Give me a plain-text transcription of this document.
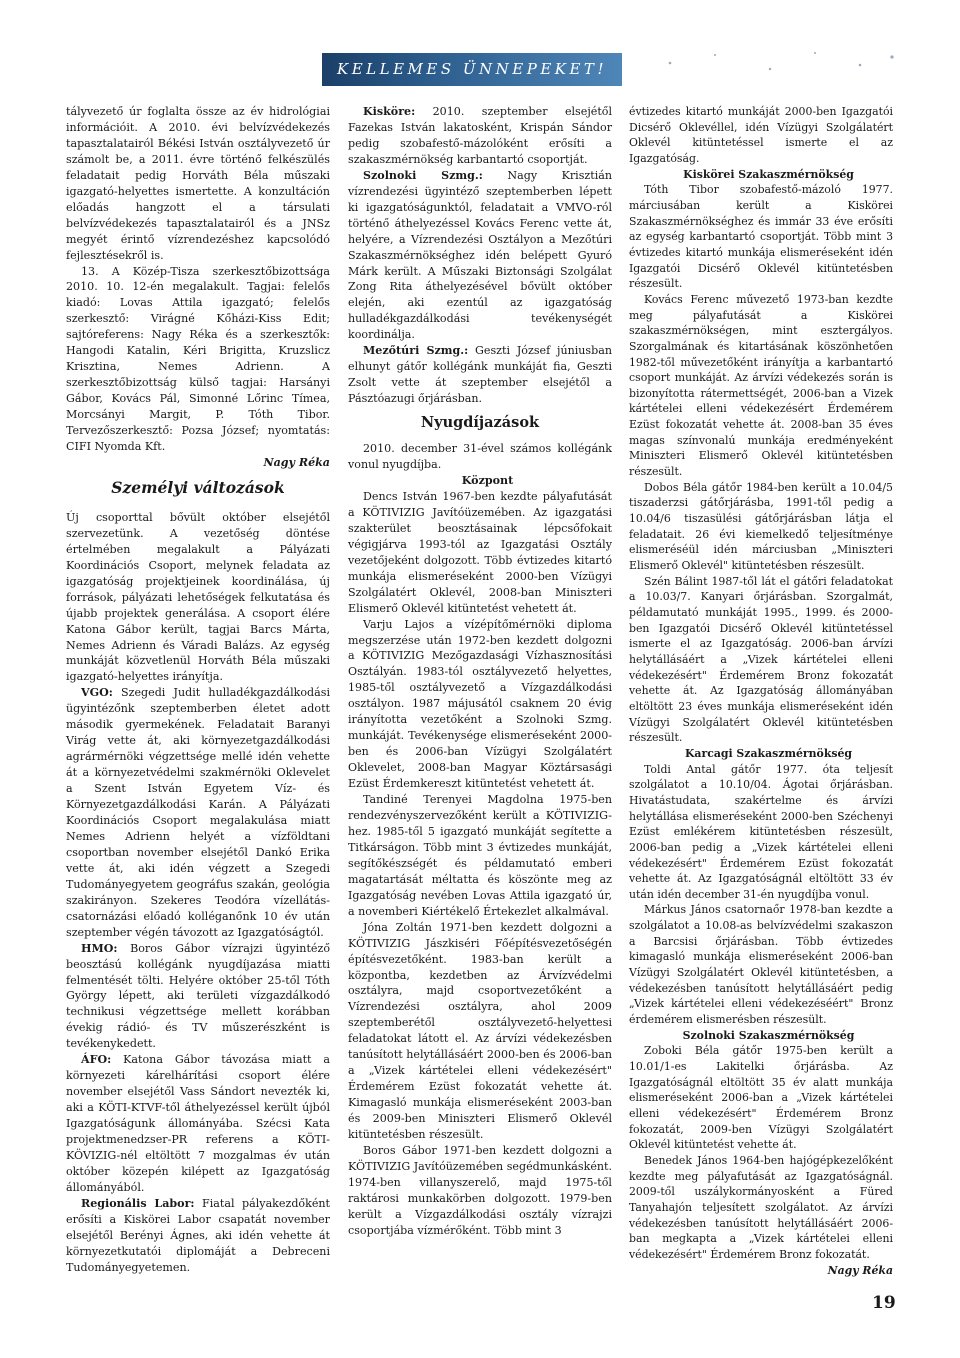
KELLEMES ÜNNEPEKET!

tályvezető úr foglalta össze az év hidrológiai információit. A 2010. évi belvízvédekezés tapasztalatairól Békési István osztályvezető úr számolt be, a 2011. évre történő felkészülés feladatait pedig Horváth Béla műszaki igazgató-helyettes ismertette. A konzultáción előadás hangzott el a társulati belvízvédekezés tapasztalatairól és a JNSz megyét érintő vízrendezéshez kapcsolódó fejlesztésekről is.

13. A Közép-Tisza szerkesztőbizottsága 2010. 10. 12-én megalakult. Tagjai: felelős kiadó: Lovas Attila igazgató; felelős szerkesztő: Virágné Kőházi-Kiss Edit; sajtóreferens: Nagy Réka és a szerkesztők: Hangodi Katalin, Kéri Brigitta, Kruzslicz Krisztina, Nemes Adrienn. A szerkesztőbizottság külső tagjai: Harsányi Gábor, Kovács Pál, Simonné Lőrinc Tímea, Morcsányi Margit, P. Tóth Tibor. Tervezőszerkesztő: Pozsa József; nyomtatás: CIFI Nyomda Kft.

Nagy Réka

Személyi változások

Új csoporttal bővült október elsejétől szervezetünk. A vezetőség döntése értelmében megalakult a Pályázati Koordinációs Csoport, melynek feladata az igazgatóság projektjeinek koordinálása, új források, pályázati lehetőségek felkutatása és újabb projektek generálása. A csoport élére Katona Gábor került, tagjai Barcs Márta, Nemes Adrienn és Váradi Balázs. Az egység munkáját közvetlenül Horváth Béla műszaki igazgató-helyettes irányítja.

VGO: Szegedi Judit hulladékgazdálkodási ügyintézőnk szeptemberben életet adott második gyermekének. Feladatait Baranyi Virág vette át, aki környezetgazdálkodási agrármérnöki végzettsége mellé idén vehette át a környezetvédelmi szakmérnöki Oklevelet a Szent István Egyetem Víz- és Környezetgazdálkodási Karán. A Pályázati Koordinációs Csoport megalakulása miatt Nemes Adrienn helyét a vízföldtani csoportban november elsejétől Dankó Erika vette át, aki idén végzett a Szegedi Tudományegyetem geográfus szakán, geológia szakirányon. Szekeres Teodóra vízellátás-csatornázási előadó kolléganőnk 10 év után szeptember végén távozott az Igazgatóságtól.

HMO: Boros Gábor vízrajzi ügyintéző beosztású kollégánk nyugdíjazása miatti felmentését tölti. Helyére október 25-től Tóth György lépett, aki területi vízgazdálkodó technikusi végzettsége mellett korábban évekig rádió- és TV műszerészként is tevékenykedett.

ÁFO: Katona Gábor távozása miatt a környezeti kárelhárítási csoport élére november elsejétől Vass Sándort nevezték ki, aki a KÖTI-KTVF-től áthelyezéssel került újból Igazgatóságunk állományába. Szécsi Kata projektmenedzser-PR referens a KÖTI-KÖVIZIG-nél eltöltött 7 mozgalmas év után október közepén kilépett az Igazgatóság állományából.

Regionális Labor: Fiatal pályakezdőként erősíti a Kiskörei Labor csapatát november elsejétől Berényi Ágnes, aki idén vehette át környezetkutatói diplomáját a Debreceni Tudományegyetemen.

Kisköre: 2010. szeptember elsejétől Fazekas István lakatosként, Krispán Sándor pedig szobafestő-mázolóként erősíti a szakaszmérnökség karbantartó csoportját.

Szolnoki Szmg.: Nagy Krisztián vízrendezési ügyintéző szeptemberben lépett ki igazgatóságunktól, feladatait a VMVO-ról történő áthelyezéssel Kovács Ferenc vette át, helyére, a Vízrendezési Osztályon a Mezőtúri Szakaszmérnökséghez idén belépett Gyuró Márk került. A Műszaki Biztonsági Szolgálat Zong Rita áthelyezésével bővült október elején, aki ezentúl az igazgatóság hulladékgazdálkodási tevékenységét koordinálja.

Mezőtúri Szmg.: Geszti József júniusban elhunyt gátőr kollégánk munkáját fia, Geszti Zsolt vette át szeptember elsejétől a Pásztóazugi őrjárásban.

Nyugdíjazások

2010. december 31-ével számos kollégánk vonul nyugdíjba.

Központ

Dencs István 1967-ben kezdte pályafutását a KÖTIVIZIG Javítóüzemében. Az igazgatási szakterület beosztásainak lépcsőfokait végigjárva 1993-tól az Igazgatási Osztály vezetőjeként dolgozott. Több évtizedes kitartó munkája elismeréseként 2000-ben Vízügyi Szolgálatért Oklevél, 2008-ban Miniszteri Elismerő Oklevél kitüntetést vehetett át.

Varju Lajos a vízépítőmérnöki diploma megszerzése után 1972-ben kezdett dolgozni a KÖTIVIZIG Mezőgazdasági Vízhasznosítási Osztályán. 1983-tól osztályvezető helyettes, 1985-től osztályvezető a Vízgazdálkodási osztályon. 1987 májusától csaknem 20 évig irányította vezetőként a Szolnoki Szmg. munkáját. Tevékenysége elismeréseként 2000-ben és 2006-ban Vízügyi Szolgálatért Oklevelet, 2008-ban Magyar Köztársasági Ezüst Érdemkereszt kitüntetést vehetett át.

Tandiné Terenyei Magdolna 1975-ben rendezvényszervezőként került a KÖTIVIZIG-hez. 1985-től 5 igazgató munkáját segítette a Titkárságon. Több mint 3 évtizedes munkáját, segítőkészségét és példamutató emberi magatartását méltatta és köszönte meg az Igazgatóság nevében Lovas Attila igazgató úr, a novemberi Kiértékelő Értekezlet alkalmával.

Jóna Zoltán 1971-ben kezdett dolgozni a KÖTIVIZIG Jászkiséri Főépítésvezetőségén építésvezetőként. 1983-ban került a központba, kezdetben az Árvízvédelmi osztályra, majd csoportvezetőként a Vízrendezési osztályra, ahol 2009 szeptemberétől osztályvezető-helyettesi feladatokat látott el. Az árvízi védekezésben tanúsított helytállásáért 2000-ben és 2006-ban a „Vizek kártételei elleni védekezésért" Érdemérem Ezüst fokozatát vehette át. Kimagasló munkája elismeréseként 2003-ban és 2009-ben Miniszteri Elismerő Oklevél kitüntetésben részesült.

Boros Gábor 1971-ben kezdett dolgozni a KÖTIVIZIG Javítóüzemében segédmunkásként. 1974-ben villanyszerelő, majd 1975-től raktárosi munkakörben dolgozott. 1979-ben került a Vízgazdálkodási osztály vízrajzi csoportjába vízmérőként. Több mint 3

évtizedes kitartó munkáját 2000-ben Igazgatói Dicsérő Oklevéllel, idén Vízügyi Szolgálatért Oklevél kitüntetéssel ismerte el az Igazgatóság.

Kiskörei Szakaszmérnökség

Tóth Tibor szobafestő-mázoló 1977. márciusában került a Kiskörei Szakaszmérnökséghez és immár 33 éve erősíti az egység karbantartó csoportját. Több mint 3 évtizedes kitartó munkája elismeréseként idén Igazgatói Dicsérő Oklevél kitüntetésben részesült.

Kovács Ferenc művezető 1973-ban kezdte meg pályafutását a Kiskörei szakaszmérnökségen, mint esztergályos. Szorgalmának és kitartásának köszönhetően 1982-től művezetőként irányítja a karbantartó csoport munkáját. Az árvízi védekezés során is bizonyította rátermettségét, 2006-ban a Vizek kártételei elleni védekezésért Érdemérem Ezüst fokozatát vehette át. 2008-ban 35 éves magas színvonalú munkája eredményeként Miniszteri Elismerő Oklevél kitüntetésben részesült.

Dobos Béla gátőr 1984-ben került a 10.04/5 tiszaderzsi gátőrjárásba, 1991-től pedig a 10.04/6 tiszasülési gátőrjárásban látja el feladatait. 26 évi kiemelkedő teljesítménye elismeréséül idén márciusban „Miniszteri Elismerő Oklevél" kitüntetésben részesült.

Szén Bálint 1987-től lát el gátőri feladatokat a 10.03/7. Kanyari őrjárásban. Szorgalmát, példamutató munkáját 1995., 1999. és 2000-ben Igazgatói Dicsérő Oklevél kitüntetéssel ismerte el az Igazgatóság. 2006-ban árvízi helytállásáért a „Vizek kártételei elleni védekezésért" Érdemérem Bronz fokozatát vehette át. Az Igazgatóság állományában eltöltött 23 éves munkája elismeréseként idén Vízügyi Szolgálatért Oklevél kitüntetésben részesült.

Karcagi Szakaszmérnökség

Toldi Antal gátőr 1977. óta teljesít szolgálatot a 10.10/04. Ágotai őrjárásban. Hivatástudata, szakértelme és árvízi helytállása elismeréseként 2000-ben Széchenyi Ezüst emlékérem kitüntetésben részesült, 2006-ban pedig a „Vizek kártételei elleni védekezésért" Érdemérem Ezüst fokozatát vehette át. Az Igazgatóságnál eltöltött 33 év után idén december 31-én nyugdíjba vonul.

Márkus János csatornaőr 1978-ban kezdte a szolgálatot a 10.08-as belvízvédelmi szakaszon a Barcsisi őrjárásban. Több évtizedes kimagasló munkája elismeréseként 2006-ban Vízügyi Szolgálatért Oklevél kitüntetésben, a védekezésben tanúsított helytállásáért pedig „Vizek kártételei elleni védekezéséért" Bronz érdemérem elismerésben részesült.

Szolnoki Szakaszmérnökség

Zoboki Béla gátőr 1975-ben került a 10.01/1-es Lakitelki őrjárásba. Az Igazgatóságnál eltöltött 35 év alatt munkája elismeréseként 2006-ban a „Vizek kártételei elleni védekezésért" Érdemérem Bronz fokozatát, 2009-ben Vízügyi Szolgálatért Oklevél kitüntetést vehette át.

Benedek János 1964-ben hajógépkezelőként kezdte meg pályafutását az Igazgatóságnál. 2009-től uszálykormányosként a Füred Tanyahajón teljesített szolgálatot. Az árvízi védekezésben tanúsított helytállásáért 2006-ban megkapta a „Vizek kártételei elleni védekezésért" Érdemérem Bronz fokozatát.

Nagy Réka

19
